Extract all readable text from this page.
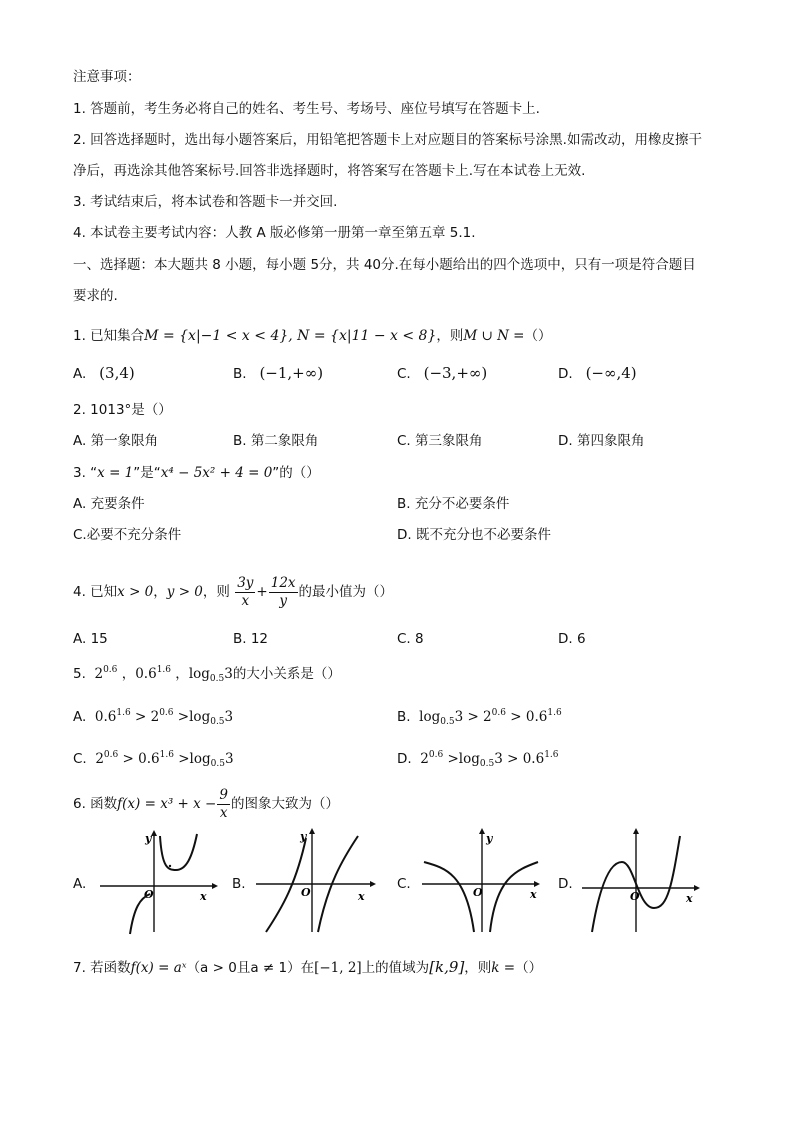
注意事项：
1. 答题前，考生务必将自己的姓名、考生号、考场号、座位号填写在答题卡上.
2. 回答选择题时，选出每小题答案后，用铅笔把答题卡上对应题目的答案标号涂黑.如需改动，用橡皮擦干
净后，再选涂其他答案标号.回答非选择题时，将答案写在答题卡上.写在本试卷上无效.
3. 考试结束后，将本试卷和答题卡一并交回.
4. 本试卷主要考试内容：人教 A 版必修第一册第一章至第五章 5.1.
一、选择题：本大题共 8 小题，每小题 5分，共 40分.在每小题给出的四个选项中，只有一项是符合题目
要求的.
1. 已知集合M = {x|−1 < x < 4}, N = {x|11 − x < 8}，则M ∪ N =（）
A. (3,4)	B. (−1,+∞)	C. (−3,+∞)	D. (−∞,4)
2. 1013°是（）
A. 第一象限角	B. 第二象限角	C. 第三象限角	D. 第四象限角
3. “x = 1”是“x⁴ − 5x² + 4 = 0”的（）
A. 充要条件	B. 充分不必要条件
C.必要不充分条件	D. 既不充分也不必要条件
4. 已知x > 0，y > 0，则 $\frac{3y}{x} + \frac{12x}{y}$ 的最小值为（）
A. 15	B. 12	C. 8	D. 6
5. $2^{0.6}$ ，$0.6^{1.6}$ ，$\log_{0.5}3$的大小关系是（）
A. $0.6^{1.6} > 2^{0.6} >\log_{0.5}3$	B. $\log_{0.5}3 > 2^{0.6} > 0.6^{1.6}$
C. $2^{0.6} > 0.6^{1.6} >\log_{0.5}3$	D. $2^{0.6} >\log_{0.5}3 > 0.6^{1.6}$
6. 函数$f(x) = x^3 + x - \frac{9}{x}$ 的图象大致为（）
A.
y
O	x
B.
y
O	x
C.
y
O	x
D.
O	x
7. 若函数f(x) = aˣ（a > 0且a ≠ 1）在[−1, 2]上的值域为[k,9]，则k =（）
